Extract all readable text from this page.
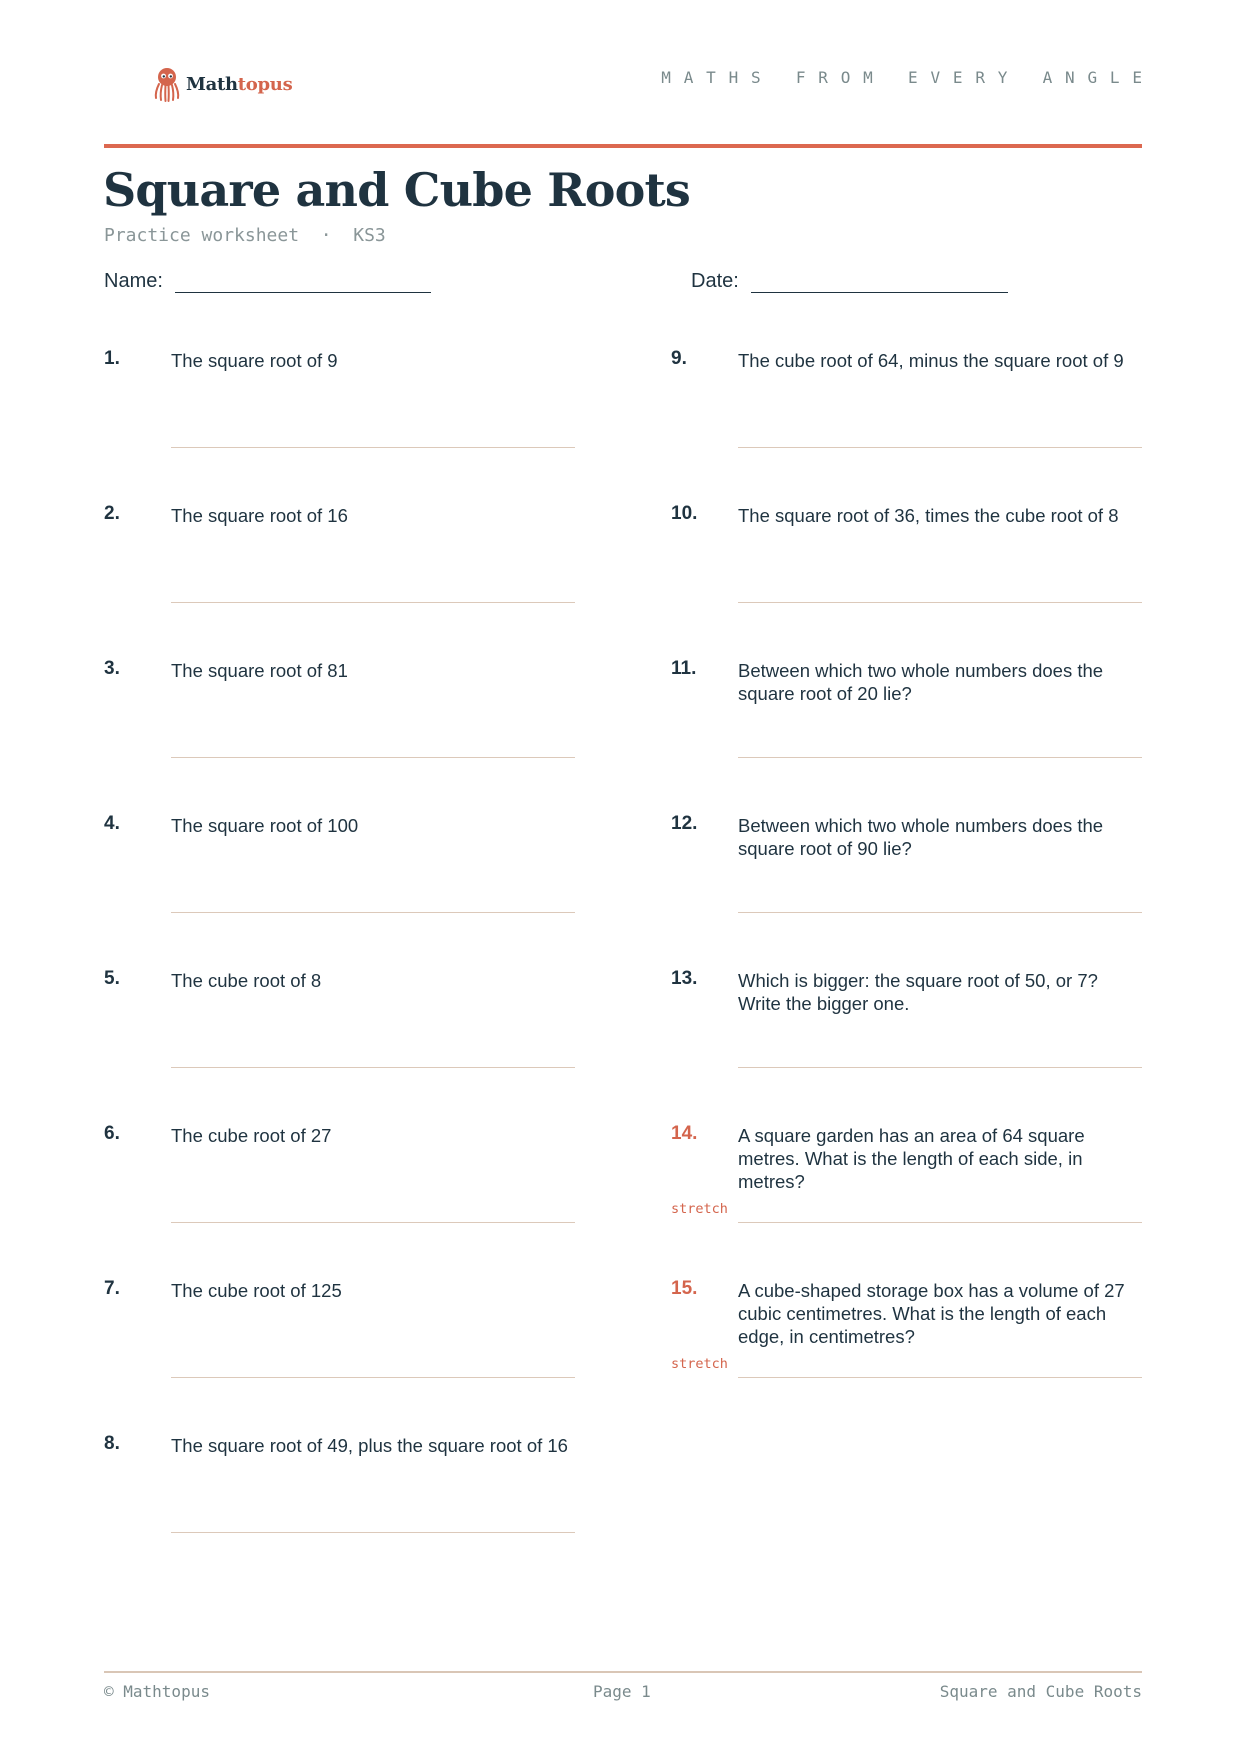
Mathtopus	MATHS FROM EVERY ANGLE
Square and Cube Roots
Practice worksheet  ·  KS3
Name:	Date:
1.	The square root of 9
2.	The square root of 16
3.	The square root of 81
4.	The square root of 100
5.	The cube root of 8
6.	The cube root of 27
7.	The cube root of 125
8.	The square root of 49, plus the square root of 16
9.	The cube root of 64, minus the square root of 9
10. The square root of 36, times the cube root of 8
11. Between which two whole numbers does the square root of 20 lie?
12. Between which two whole numbers does the square root of 90 lie?
13. Which is bigger: the square root of 50, or 7? Write the bigger one.
14. A square garden has an area of 64 square metres. What is the length of each side, in metres?
stretch
15. A cube-shaped storage box has a volume of 27 cubic centimetres. What is the length of each edge, in centimetres?
stretch
© Mathtopus	Page 1	Square and Cube Roots
